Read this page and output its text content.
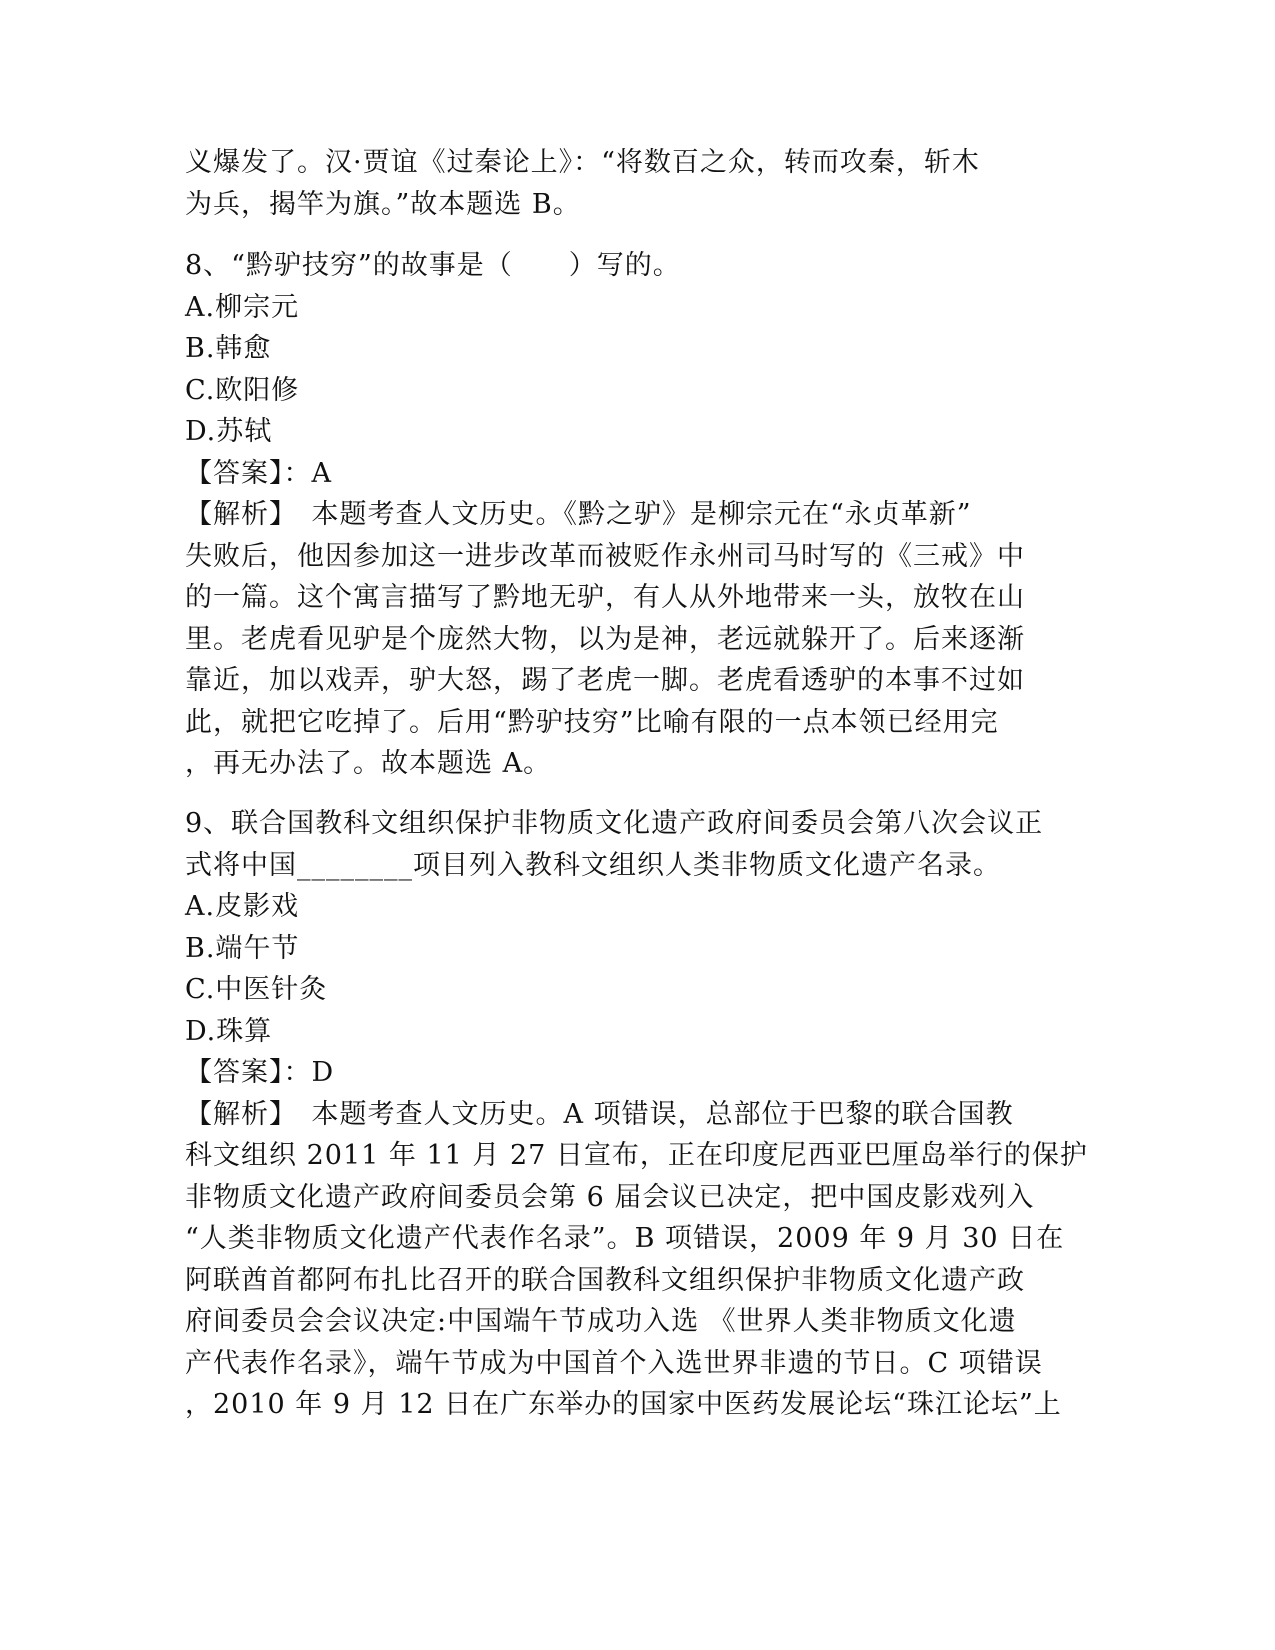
义爆发了。汉·贾谊《过秦论上》：“将数百之众，转而攻秦，斩木
为兵，揭竿为旗。”故本题选 B。
8、“黔驴技穷”的故事是（　　）写的。
A.柳宗元
B.韩愈
C.欧阳修
D.苏轼
【答案】：A
【解析】　本题考查人文历史。《黔之驴》是柳宗元在“永贞革新”
失败后，他因参加这一进步改革而被贬作永州司马时写的《三戒》中
的一篇。这个寓言描写了黔地无驴，有人从外地带来一头，放牧在山
里。老虎看见驴是个庞然大物，以为是神，老远就躲开了。后来逐渐
靠近，加以戏弄，驴大怒，踢了老虎一脚。老虎看透驴的本事不过如
此，就把它吃掉了。后用“黔驴技穷”比喻有限的一点本领已经用完
，再无办法了。故本题选 A。
9、联合国教科文组织保护非物质文化遗产政府间委员会第八次会议正
式将中国________项目列入教科文组织人类非物质文化遗产名录。
A.皮影戏
B.端午节
C.中医针灸
D.珠算
【答案】：D
【解析】　本题考查人文历史。A 项错误，总部位于巴黎的联合国教
科文组织 2011 年 11 月 27 日宣布，正在印度尼西亚巴厘岛举行的保护
非物质文化遗产政府间委员会第 6 届会议已决定，把中国皮影戏列入
“人类非物质文化遗产代表作名录”。B 项错误，2009 年 9 月 30 日在
阿联酋首都阿布扎比召开的联合国教科文组织保护非物质文化遗产政
府间委员会会议决定:中国端午节成功入选 《世界人类非物质文化遗
产代表作名录》，端午节成为中国首个入选世界非遗的节日。C 项错误
，2010 年 9 月 12 日在广东举办的国家中医药发展论坛“珠江论坛”上
